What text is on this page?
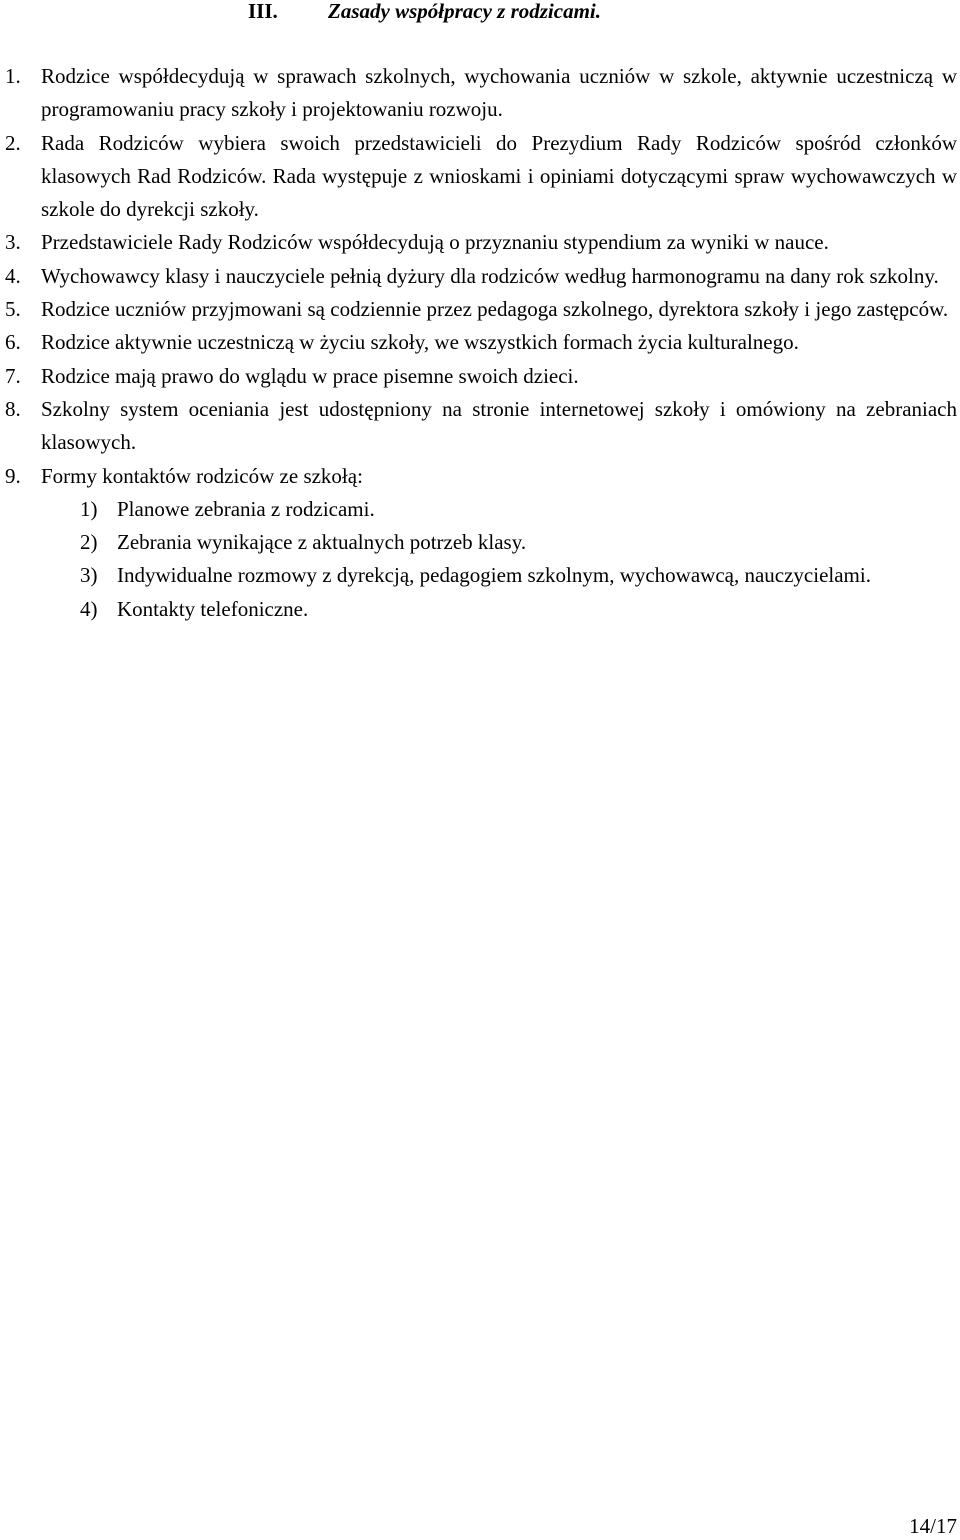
III. Zasady współpracy z rodzicami.
1. Rodzice współdecydują w sprawach szkolnych, wychowania uczniów w szkole, aktywnie uczestniczą w programowaniu pracy szkoły i projektowaniu rozwoju.
2. Rada Rodziców wybiera swoich przedstawicieli do Prezydium Rady Rodziców spośród członków klasowych Rad Rodziców. Rada występuje z wnioskami i opiniami dotyczącymi spraw wychowawczych w szkole do dyrekcji szkoły.
3. Przedstawiciele Rady Rodziców współdecydują o przyznaniu stypendium za wyniki w nauce.
4. Wychowawcy klasy i nauczyciele pełnią dyżury dla rodziców według harmonogramu na dany rok szkolny.
5. Rodzice uczniów przyjmowani są codziennie przez pedagoga szkolnego, dyrektora szkoły i jego zastępców.
6. Rodzice aktywnie uczestniczą w życiu szkoły, we wszystkich formach życia kulturalnego.
7. Rodzice mają prawo do wglądu w prace pisemne swoich dzieci.
8. Szkolny system oceniania jest udostępniony na stronie internetowej szkoły i omówiony na zebraniach klasowych.
9. Formy kontaktów rodziców ze szkołą:
1) Planowe zebrania z rodzicami.
2) Zebrania wynikające z aktualnych potrzeb klasy.
3) Indywidualne rozmowy z dyrekcją, pedagogiem szkolnym, wychowawcą, nauczycielami.
4) Kontakty telefoniczne.
14/17
